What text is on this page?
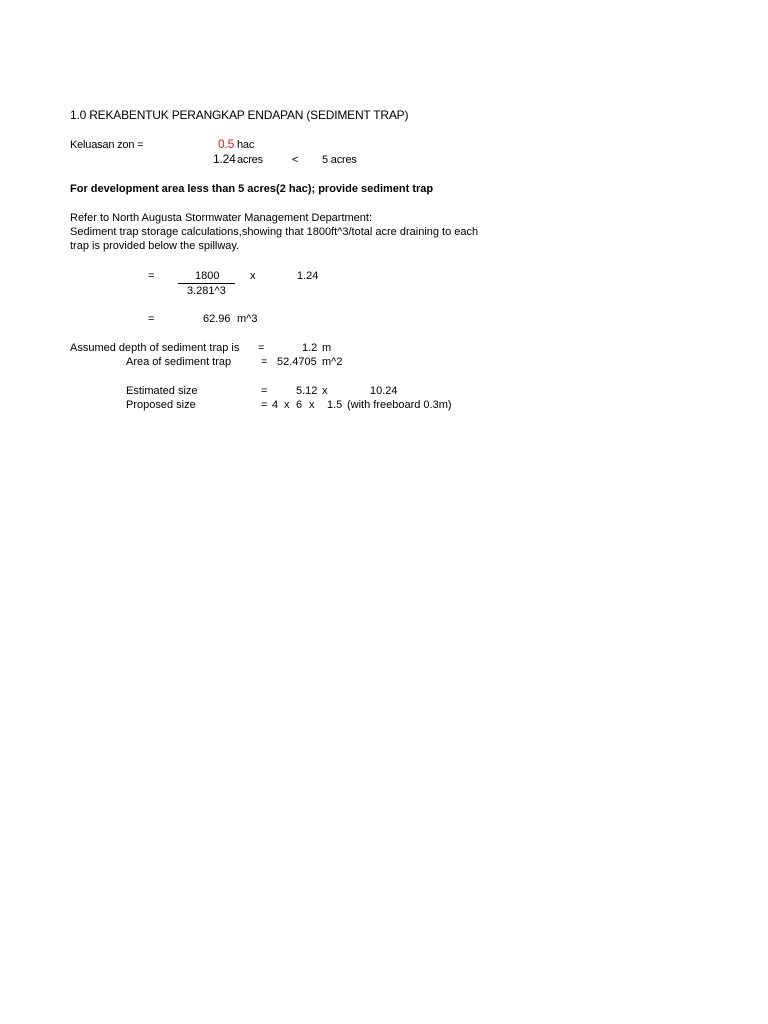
1.0 REKABENTUK PERANGKAP ENDAPAN (SEDIMENT TRAP)
Keluasan zon =	0.5 hac
1.24 acres	< 5 acres
For development area less than 5 acres(2 hac); provide sediment trap
Refer to North Augusta Stormwater Management Department:
Sediment trap storage calculations,showing that 1800ft^3/total acre draining to each
trap is provided below the spillway.
=	1800
3.281^3
x	1.24
=	62.96 m^3
Assumed depth of sediment trap is =	1.2 m
Area of sediment trap	= 52.4705 m^2
Estimated size	=	5.12 x	10.24
Proposed size	= 4 x 6 x 1.5 (with freeboard 0.3m)
